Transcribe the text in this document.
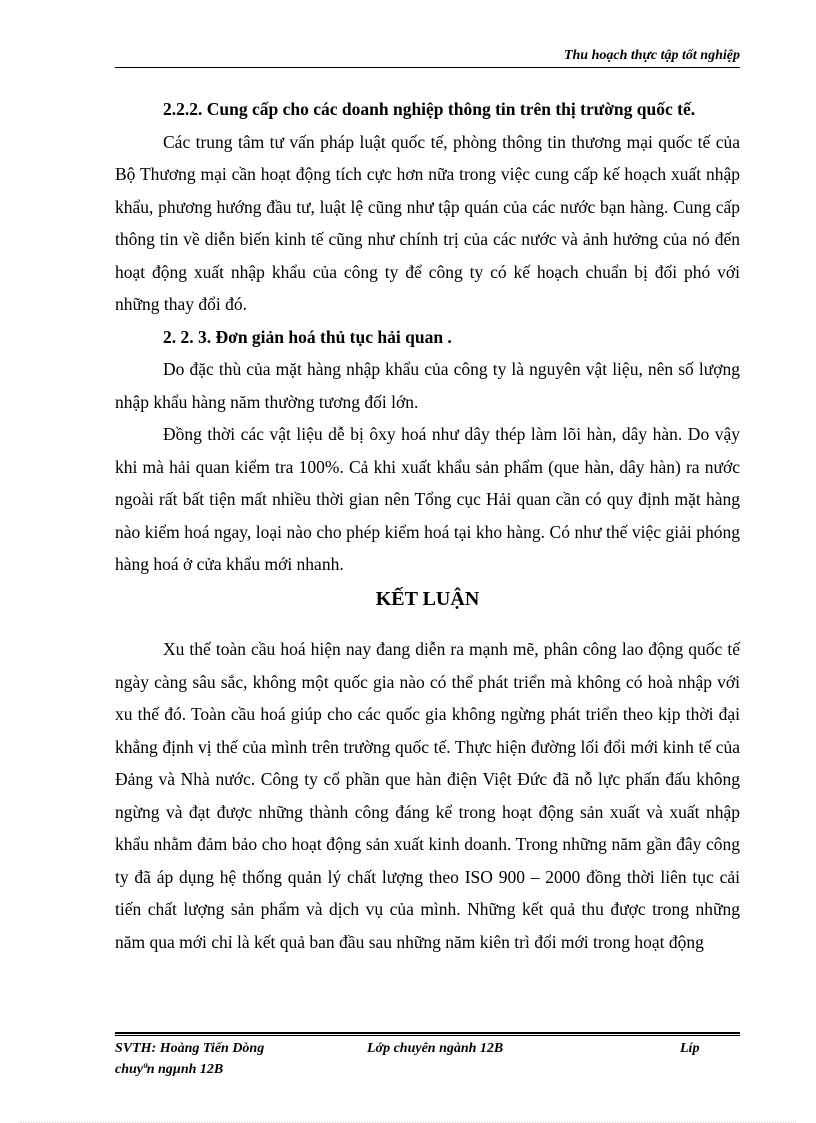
Thu hoạch thực tập tốt nghiệp

2.2.2. Cung cấp cho các doanh nghiệp thông tin trên thị trường quốc tế.

Các trung tâm tư vấn pháp luật quốc tế, phòng thông tin thương mại quốc tế của Bộ Thương mại cần hoạt động tích cực hơn nữa trong việc cung cấp kế hoạch xuất nhập khẩu, phương hướng đầu tư, luật lệ cũng như tập quán của các nước bạn hàng. Cung cấp thông tin về diễn biến kinh tế cũng như chính trị của các nước và ảnh hưởng của nó đến hoạt động xuất nhập khẩu của công ty để công ty có kế hoạch chuẩn bị đối phó với những thay đổi đó.

2. 2. 3. Đơn giản hoá thủ tục hải quan .

Do đặc thù của mặt hàng nhập khẩu của công ty là nguyên vật liệu, nên số lượng nhập khẩu hàng năm thường tương đối lớn.

Đồng thời các vật liệu dễ bị ôxy hoá như dây thép làm lõi hàn, dây hàn. Do vậy khi mà hải quan kiểm tra 100%. Cả khi xuất khẩu sản phẩm (que hàn, dây hàn) ra nước ngoài rất bất tiện mất nhiều thời gian nên Tổng cục Hải quan cần có quy định mặt hàng nào kiểm hoá ngay, loại nào cho phép kiểm hoá tại kho hàng. Có như thế việc giải phóng hàng hoá ở cửa khẩu mới nhanh.

KẾT LUẬN

Xu thế toàn cầu hoá hiện nay đang diễn ra mạnh mẽ, phân công lao động quốc tế ngày càng sâu sắc, không một quốc gia nào có thể phát triển mà không có hoà nhập với xu thế đó. Toàn cầu hoá giúp cho các quốc gia không ngừng phát triển theo kịp thời đại khẳng định vị thế của mình trên trường quốc tế. Thực hiện đường lối đổi mới kinh tế của Đảng và Nhà nước. Công ty cổ phần que hàn điện Việt Đức đã nỗ lực phấn đấu không ngừng và đạt được những thành công đáng kể trong hoạt động sản xuất và xuất nhập khẩu nhằm đảm bảo cho hoạt động sản xuất kinh doanh. Trong những năm gần đây công ty đã áp dụng hệ thống quản lý chất lượng theo ISO 900 – 2000 đồng thời liên tục cải tiến chất lượng sản phẩm và dịch vụ của mình. Những kết quả thu được trong những năm qua mới chỉ là kết quả ban đầu sau những năm kiên trì đổi mới trong hoạt động

SVTH: Hoàng Tiến Dòng	Lớp chuyên ngành 12B	Líp
chuyªn ngµnh 12B
